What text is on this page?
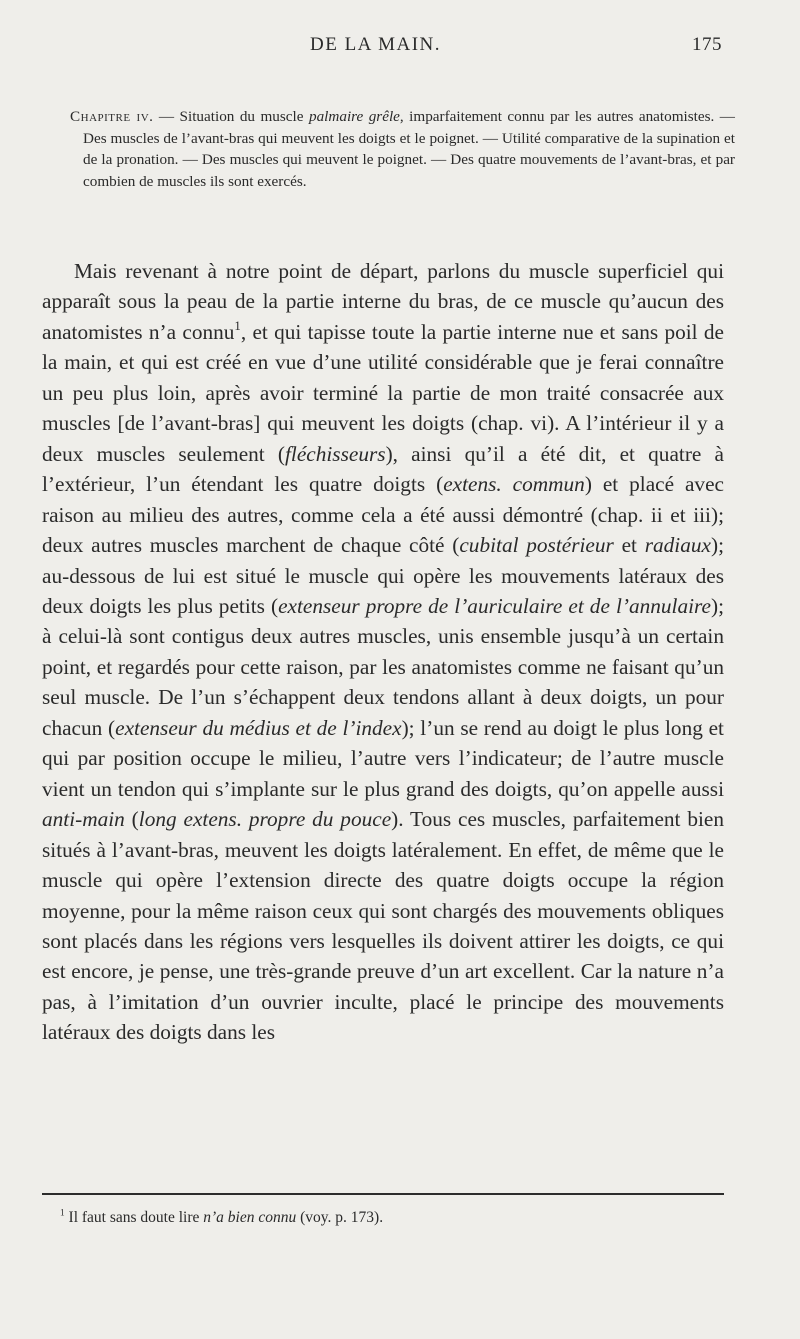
DE LA MAIN.	175
Chapitre iv. — Situation du muscle palmaire grêle, imparfaitement connu par les autres anatomistes. — Des muscles de l’avant-bras qui meuvent les doigts et le poignet. — Utilité comparative de la supination et de la pronation. — Des muscles qui meuvent le poignet. — Des quatre mouvements de l’avant-bras, et par combien de muscles ils sont exercés.
Mais revenant à notre point de départ, parlons du muscle superficiel qui apparaît sous la peau de la partie interne du bras, de ce muscle qu’aucun des anatomistes n’a connu$^1$, et qui tapisse toute la partie interne nue et sans poil de la main, et qui est créé en vue d’une utilité considérable que je ferai connaître un peu plus loin, après avoir terminé la partie de mon traité consacrée aux muscles [de l’avant-bras] qui meuvent les doigts (chap. vi). A l’intérieur il y a deux muscles seulement (fléchisseurs), ainsi qu’il a été dit, et quatre à l’extérieur, l’un étendant les quatre doigts (extens. commun) et placé avec raison au milieu des autres, comme cela a été aussi démontré (chap. ii et iii); deux autres muscles marchent de chaque côté (cubital postérieur et radiaux); au-dessous de lui est situé le muscle qui opère les mouvements latéraux des deux doigts les plus petits (extenseur propre de l’auriculaire et de l’annulaire); à celui-là sont contigus deux autres muscles, unis ensemble jusqu’à un certain point, et regardés pour cette raison, par les anatomistes comme ne faisant qu’un seul muscle. De l’un s’échappent deux tendons allant à deux doigts, un pour chacun (extenseur du médius et de l’index); l’un se rend au doigt le plus long et qui par position occupe le milieu, l’autre vers l’indicateur; de l’autre muscle vient un tendon qui s’implante sur le plus grand des doigts, qu’on appelle aussi anti-main (long extens. propre du pouce). Tous ces muscles, parfaitement bien situés à l’avant-bras, meuvent les doigts latéralement. En effet, de même que le muscle qui opère l’extension directe des quatre doigts occupe la région moyenne, pour la même raison ceux qui sont chargés des mouvements obliques sont placés dans les régions vers lesquelles ils doivent attirer les doigts, ce qui est encore, je pense, une très-grande preuve d’un art excellent. Car la nature n’a pas, à l’imitation d’un ouvrier inculte, placé le principe des mouvements latéraux des doigts dans les
$^1$ Il faut sans doute lire n’a bien connu (voy. p. 173).
